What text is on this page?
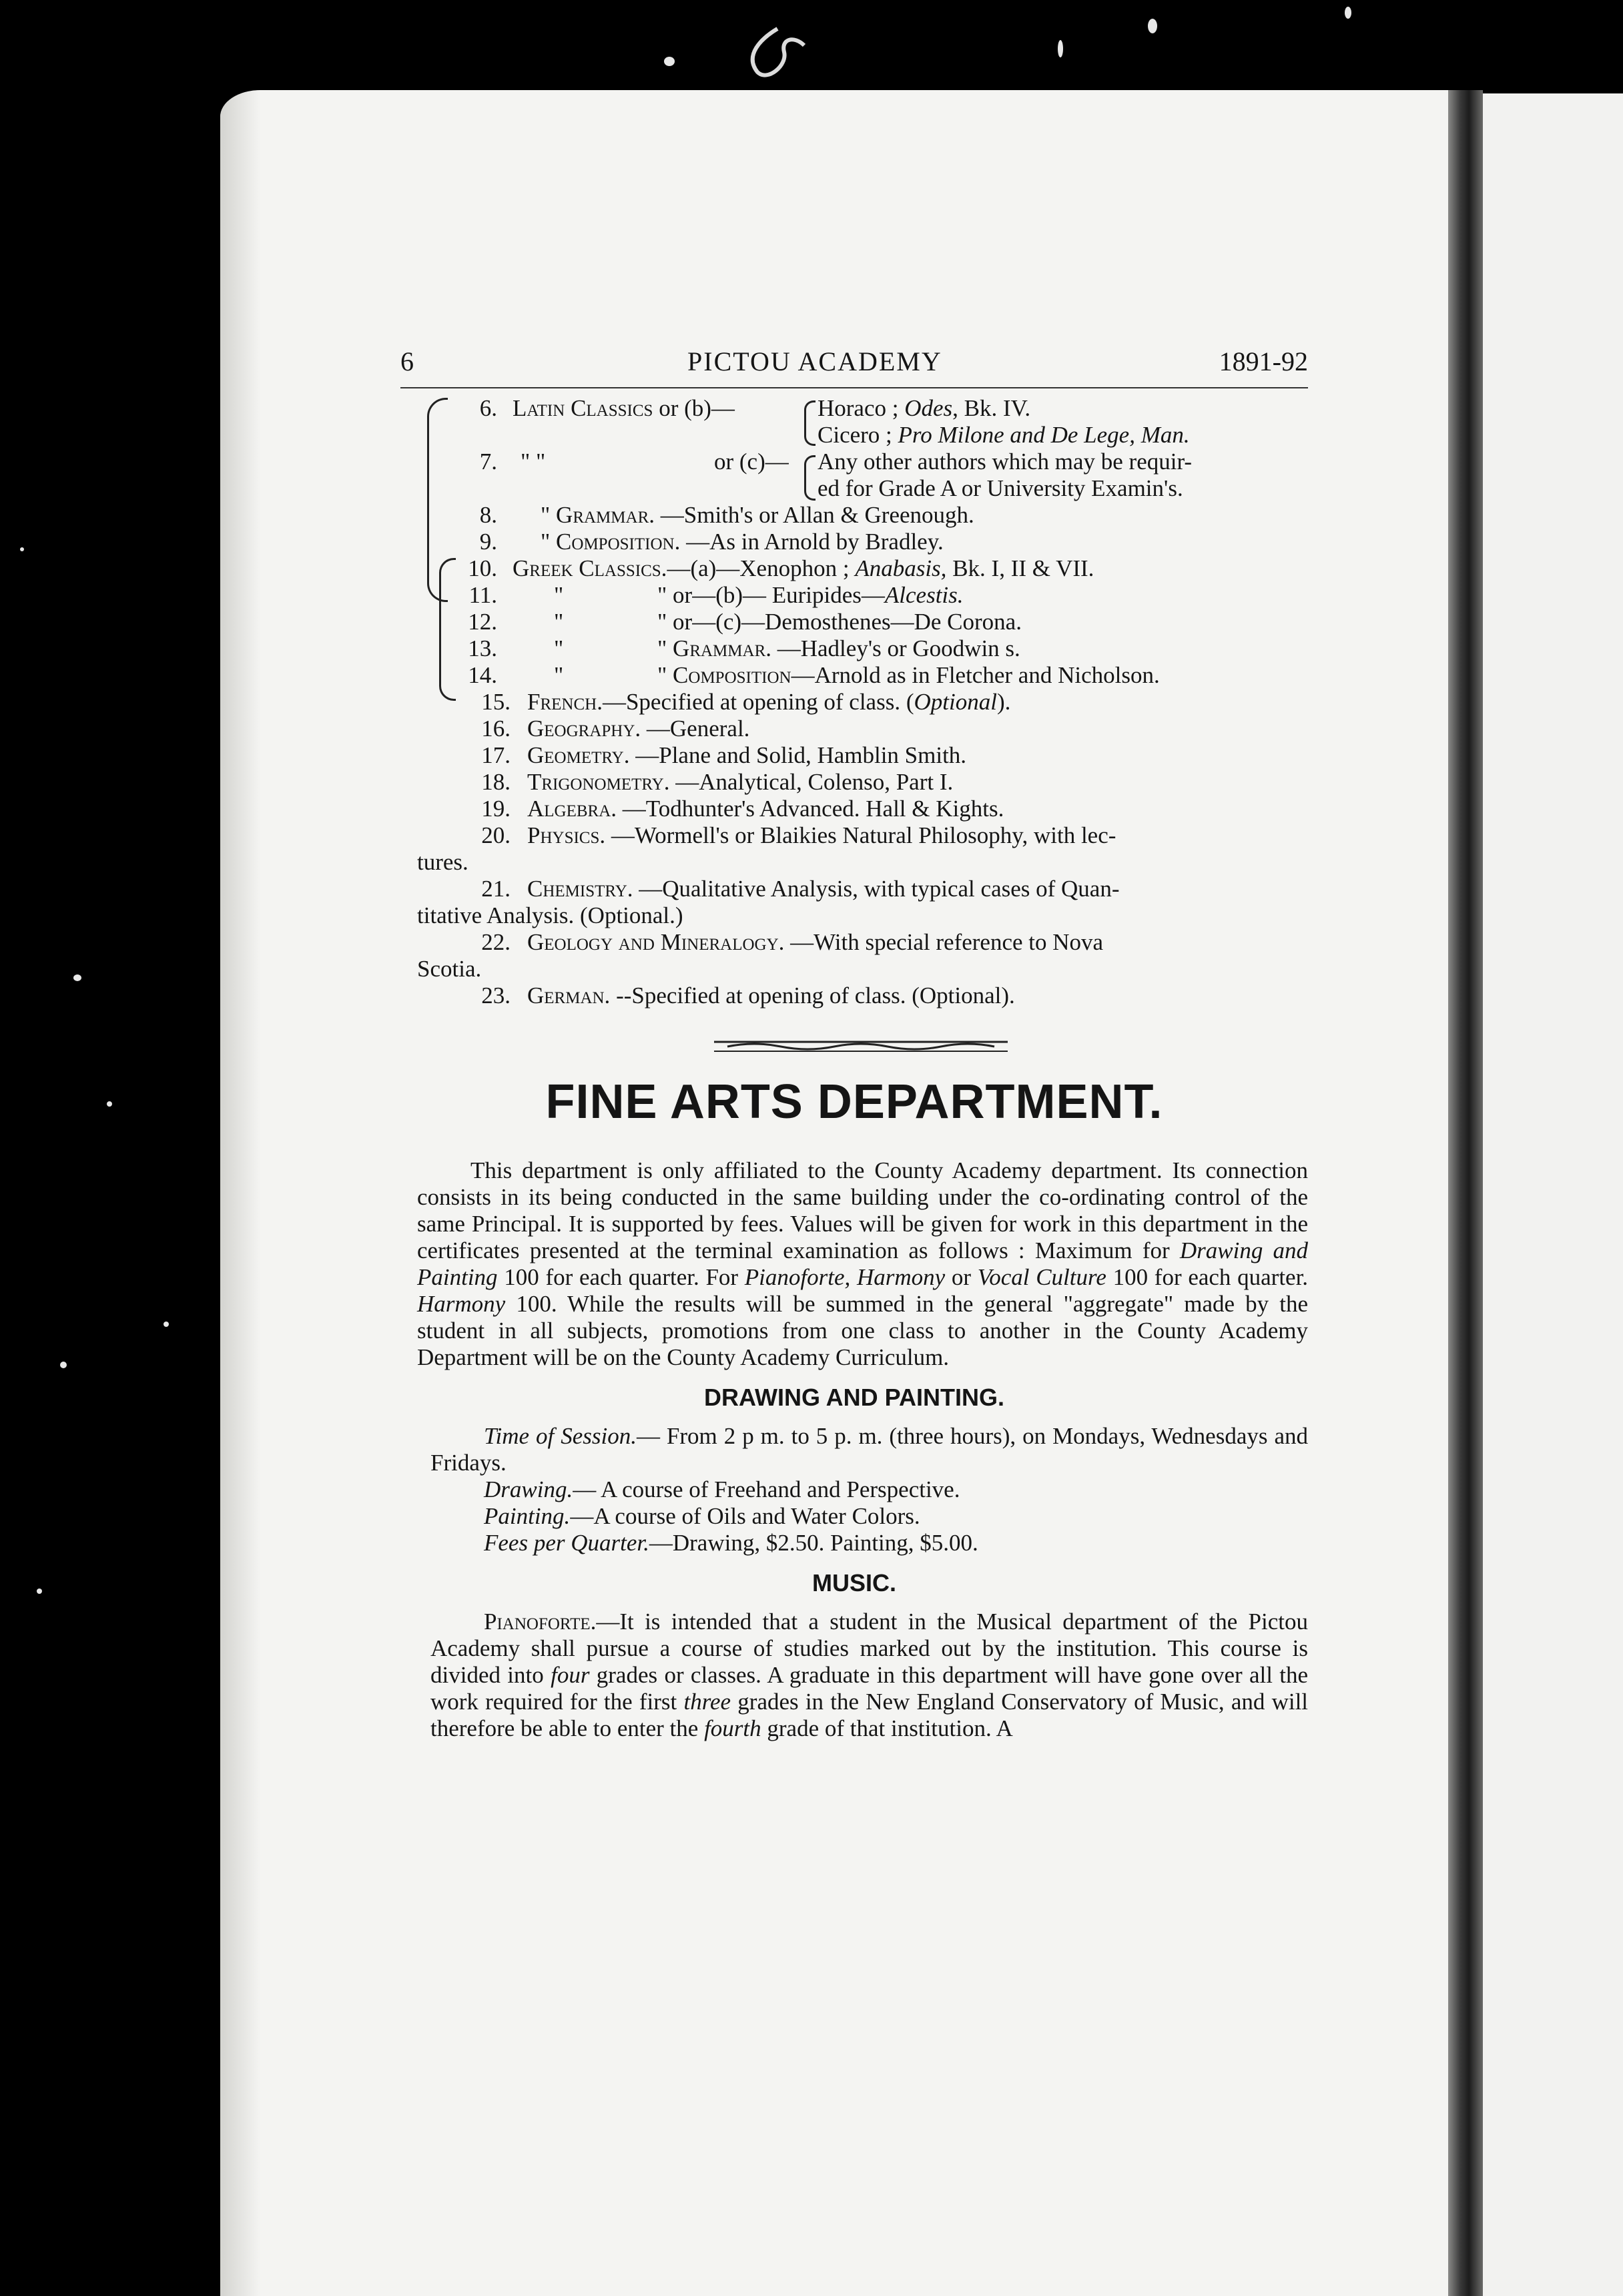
6	PICTOU ACADEMY	1891-92
6. Latin Classics or (b)—	Horaco ; Odes, Bk. IV.
Cicero ; Pro Milone and De Lege, Man.
7. " "	or (c)— Any other authors which may be requir-
ed for Grade A or University Examin's.
8. " Grammar. —Smith's or Allan & Greenough.
9. " Composition. —As in Arnold by Bradley.
10. Greek Classics.—(a)—Xenophon ; Anabasis, Bk. I, II & VII.
11. "	" or—(b)— Euripides—Alcestis.
12. "	" or—(c)—Demosthenes—De Corona.
13. "	" Grammar. —Hadley's or Goodwin s.
14. "	" Composition—Arnold as in Fletcher and Nicholson.
15. French.—Specified at opening of class. (Optional).
16. Geography. —General.
17. Geometry. —Plane and Solid, Hamblin Smith.
18. Trigonometry. —Analytical, Colenso, Part I.
19. Algebra. —Todhunter's Advanced. Hall & Kights.
20. Physics. —Wormell's or Blaikies Natural Philosophy, with lec-
tures.
21. Chemistry. —Qualitative Analysis, with typical cases of Quan-
titative Analysis. (Optional.)
22. Geology and Mineralogy. —With special reference to Nova
Scotia.
23. German. --Specified at opening of class. (Optional).
FINE ARTS DEPARTMENT.

This department is only affiliated to the County Academy department. Its connection consists in its being conducted in the same building under the co-ordinating control of the same Principal. It is supported by fees. Values will be given for work in this department in the certificates presented at the terminal examination as follows : Maximum for Drawing and Painting 100 for each quarter. For Pianoforte, Harmony or Vocal Culture 100 for each quarter. Harmony 100. While the results will be summed in the general "aggregate" made by the student in all subjects, promotions from one class to another in the County Academy Department will be on the County Academy Curriculum.

DRAWING AND PAINTING.

Time of Session.— From 2 p m. to 5 p. m. (three hours), on Mondays, Wednesdays and Fridays.

Drawing.— A course of Freehand and Perspective.
Painting.—A course of Oils and Water Colors.
Fees per Quarter.—Drawing, $2.50. Painting, $5.00.
MUSIC.

Pianoforte.—It is intended that a student in the Musical department of the Pictou Academy shall pursue a course of studies marked out by the institution. This course is divided into four grades or classes. A graduate in this department will have gone over all the work required for the first three grades in the New England Conservatory of Music, and will therefore be able to enter the fourth grade of that institution. A
